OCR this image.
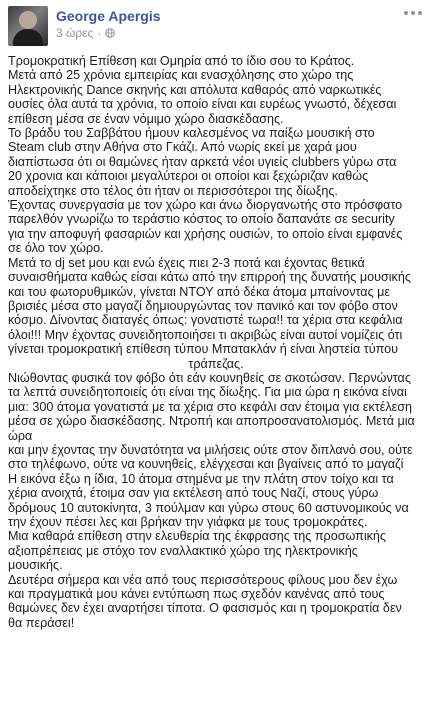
George Apergis
3 ώρες ·

Τρομοκρατική Επίθεση και Ομηρία από το ίδιο σου το Κράτος.
Μετά από 25 χρόνια εμπειρίας και ενασχόλησης στο χώρο της
Ηλεκτρονικής Dance σκηνής και απόλυτα καθαρός από ναρκωτικές
ουσίες όλα αυτά τα χρόνια, το οποίο είναι και ευρέως γνωστό, δέχεσαι
επίθεση μέσα σε έναν νόμιμο χώρο διασκέδασης.

Το βράδυ του Σαββάτου ήμουν καλεσμένος να παίξω μουσική στο
Steam club στην Αθήνα στο Γκάζι. Από νωρίς εκεί με χαρά μου
διαπίστωσα ότι οι θαμώνες ήταν αρκετά νέοι υγιείς clubbers γύρω στα
20 χρονια και κάποιοι μεγαλύτεροι οι οποίοι και ξεχώριζαν καθώς
αποδείχτηκε στο τέλος ότι ήταν οι περισσότεροι της δίωξης.

Έχοντας συνεργασία με τον χώρο και άνω διοργανωτής στο πρόσφατο
παρελθόν γνωρίζω το τεράστιο κόστος το οποίο δαπανάτε σε security
για την αποφυγή φασαριών και χρήσης ουσιών, το οποίο είναι εμφανές
σε όλο τον χώρο.

Μετά το dj set μου και ενώ έχεις πιει 2-3 ποτά και έχοντας θετικά
συναισθήματα καθώς είσαι κάτω από την επιρροή της δυνατής μουσικής
και του φωτορυθμικών, γίνεται ΝΤΟΥ από δέκα άτομα μπαίνοντας με
βρισιές μέσα στο μαγαζί δημιουργώντας τον πανικό και τον φόβο στον
κόσμο. Δίνοντας διαταγές όπως: γονατιστέ τωρα!! τα χέρια στα κεφάλια
όλοι!!! Μην έχοντας συνειδητοποιήσει τι ακριβώς είναι αυτοί νομίζεις ότι
γίνεται τρομοκρατική επίθεση τύπου Μπατακλάν ή είναι ληστεία τύπου

τράπεζας.

Νιώθοντας φυσικά τον φόβο ότι εάν κουνηθείς σε σκοτώσαν. Περνώντας
τα λεπτά συνειδητοποιείς ότι είναι της δίωξης. Για μια ώρα η εικόνα είναι
μια: 300 άτομα γονατιστά με τα χέρια στο κεφάλι σαν έτοιμα για εκτέλεση
μέσα σε χώρο διασκέδασης. Ντροπή και αποπροσανατολισμός. Μετά μια ώρα
και μην έχοντας την δυνατότητα να μιλήσεις ούτε στον διπλανό σου, ούτε
στο τηλέφωνο, ούτε να κουνηθείς, ελέγχεσαι και βγαίνεις από το μαγαζί
Η εικόνα έξω η ίδια, 10 άτομα στημένα με την πλάτη στον τοίχο και τα
χέρια ανοιχτά, έτοιμα σαν για εκτέλεση από τους Ναζί, στους γύρω
δρόμους 10 αυτοκίνητα, 3 πούλμαν και γύρω στους 60 αστυνομικούς να
την έχουν πέσει λες και βρήκαν την γιάφκα με τους τρομοκράτες.

Μια καθαρά επίθεση στην ελευθερία της έκφρασης της προσωπικής
αξιοπρέπειας με στόχο τον εναλλακτικό χώρο της ηλεκτρονικής
μουσικής.

Δευτέρα σήμερα και νέα από τους περισσότερους φίλους μου δεν έχω
και πραγματικά μου κάνει εντύπωση πως σχεδόν κανένας από τους
θαμώνες δεν έχει αναρτήσει τίποτα. Ο φασισμός και η τρομοκρατία δεν
θα περάσει!
